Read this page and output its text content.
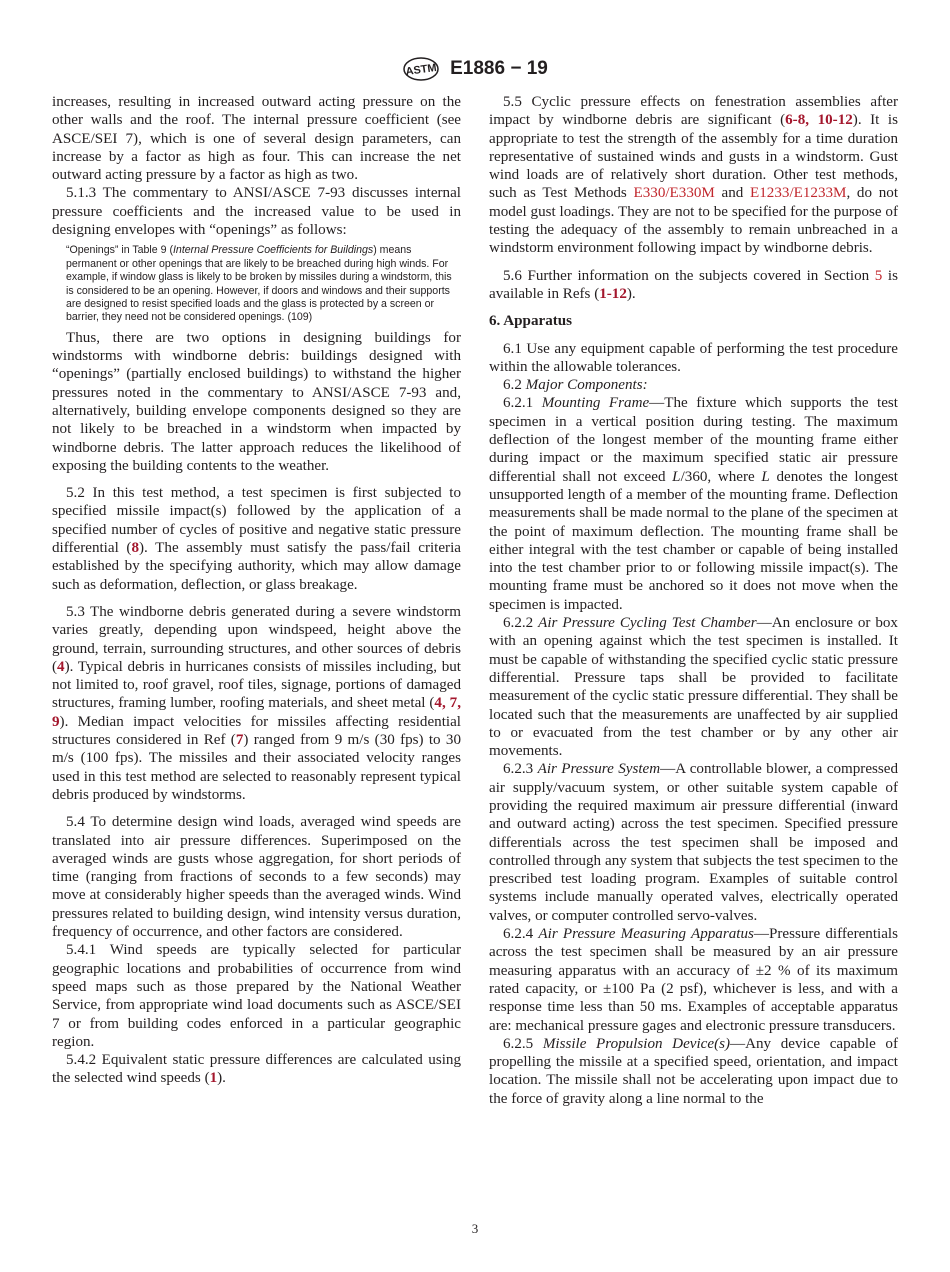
ASTM E1886 − 19
increases, resulting in increased outward acting pressure on the other walls and the roof. The internal pressure coefficient (see ASCE/SEI 7), which is one of several design parameters, can increase by a factor as high as four. This can increase the net outward acting pressure by a factor as high as two.
5.1.3 The commentary to ANSI/ASCE 7-93 discusses internal pressure coefficients and the increased value to be used in designing envelopes with “openings” as follows:
“Openings” in Table 9 (Internal Pressure Coefficients for Buildings) means permanent or other openings that are likely to be breached during high winds. For example, if window glass is likely to be broken by missiles during a windstorm, this is considered to be an opening. However, if doors and windows and their supports are designed to resist specified loads and the glass is protected by a screen or barrier, they need not be considered openings. (109)
Thus, there are two options in designing buildings for windstorms with windborne debris: buildings designed with “openings” (partially enclosed buildings) to withstand the higher pressures noted in the commentary to ANSI/ASCE 7-93 and, alternatively, building envelope components designed so they are not likely to be breached in a windstorm when impacted by windborne debris. The latter approach reduces the likelihood of exposing the building contents to the weather.
5.2 In this test method, a test specimen is first subjected to specified missile impact(s) followed by the application of a specified number of cycles of positive and negative static pressure differential (8). The assembly must satisfy the pass/fail criteria established by the specifying authority, which may allow damage such as deformation, deflection, or glass breakage.
5.3 The windborne debris generated during a severe windstorm varies greatly, depending upon windspeed, height above the ground, terrain, surrounding structures, and other sources of debris (4). Typical debris in hurricanes consists of missiles including, but not limited to, roof gravel, roof tiles, signage, portions of damaged structures, framing lumber, roofing materials, and sheet metal (4, 7, 9). Median impact velocities for missiles affecting residential structures considered in Ref (7) ranged from 9 m/s (30 fps) to 30 m/s (100 fps). The missiles and their associated velocity ranges used in this test method are selected to reasonably represent typical debris produced by windstorms.
5.4 To determine design wind loads, averaged wind speeds are translated into air pressure differences. Superimposed on the averaged winds are gusts whose aggregation, for short periods of time (ranging from fractions of seconds to a few seconds) may move at considerably higher speeds than the averaged winds. Wind pressures related to building design, wind intensity versus duration, frequency of occurrence, and other factors are considered.
5.4.1 Wind speeds are typically selected for particular geographic locations and probabilities of occurrence from wind speed maps such as those prepared by the National Weather Service, from appropriate wind load documents such as ASCE/SEI 7 or from building codes enforced in a particular geographic region.
5.4.2 Equivalent static pressure differences are calculated using the selected wind speeds (1).
5.5 Cyclic pressure effects on fenestration assemblies after impact by windborne debris are significant (6-8, 10-12). It is appropriate to test the strength of the assembly for a time duration representative of sustained winds and gusts in a windstorm. Gust wind loads are of relatively short duration. Other test methods, such as Test Methods E330/E330M and E1233/E1233M, do not model gust loadings. They are not to be specified for the purpose of testing the adequacy of the assembly to remain unbreached in a windstorm environment following impact by windborne debris.
5.6 Further information on the subjects covered in Section 5 is available in Refs (1-12).
6. Apparatus
6.1 Use any equipment capable of performing the test procedure within the allowable tolerances.
6.2 Major Components:
6.2.1 Mounting Frame—The fixture which supports the test specimen in a vertical position during testing. The maximum deflection of the longest member of the mounting frame either during impact or the maximum specified static air pressure differential shall not exceed L/360, where L denotes the longest unsupported length of a member of the mounting frame. Deflection measurements shall be made normal to the plane of the specimen at the point of maximum deflection. The mounting frame shall be either integral with the test chamber or capable of being installed into the test chamber prior to or following missile impact(s). The mounting frame must be anchored so it does not move when the specimen is impacted.
6.2.2 Air Pressure Cycling Test Chamber—An enclosure or box with an opening against which the test specimen is installed. It must be capable of withstanding the specified cyclic static pressure differential. Pressure taps shall be provided to facilitate measurement of the cyclic static pressure differential. They shall be located such that the measurements are unaffected by air supplied to or evacuated from the test chamber or by any other air movements.
6.2.3 Air Pressure System—A controllable blower, a compressed air supply/vacuum system, or other suitable system capable of providing the required maximum air pressure differential (inward and outward acting) across the test specimen. Specified pressure differentials across the test specimen shall be imposed and controlled through any system that subjects the test specimen to the prescribed test loading program. Examples of suitable control systems include manually operated valves, electrically operated valves, or computer controlled servo-valves.
6.2.4 Air Pressure Measuring Apparatus—Pressure differentials across the test specimen shall be measured by an air pressure measuring apparatus with an accuracy of ±2 % of its maximum rated capacity, or ±100 Pa (2 psf), whichever is less, and with a response time less than 50 ms. Examples of acceptable apparatus are: mechanical pressure gages and electronic pressure transducers.
6.2.5 Missile Propulsion Device(s)—Any device capable of propelling the missile at a specified speed, orientation, and impact location. The missile shall not be accelerating upon impact due to the force of gravity along a line normal to the
3
